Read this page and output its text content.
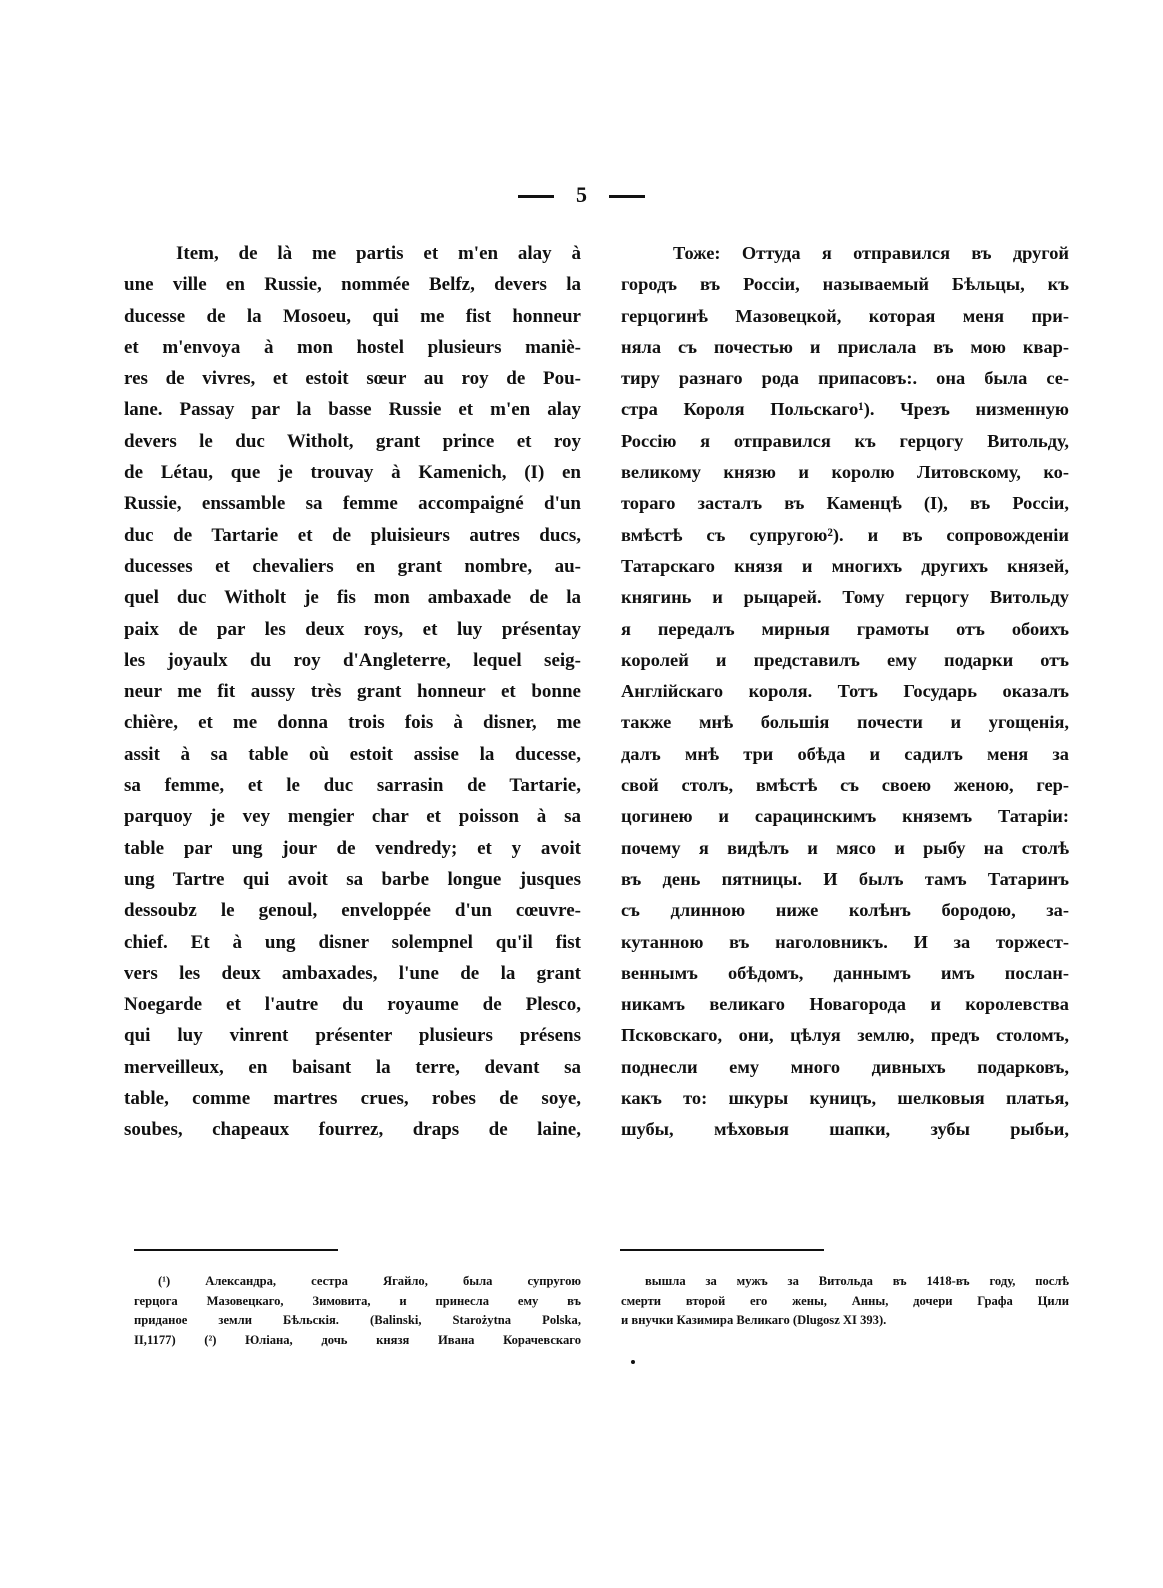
5
Item, de là me partis et m'en alay à
une ville en Russie, nommée Belfz, devers la
ducesse de la Mosoeu, qui me fist honneur
et m'envoya à mon hostel plusieurs maniè-
res de vivres, et estoit sœur au roy de Pou-
lane. Passay par la basse Russie et m'en alay
devers le duc Witholt, grant prince et roy
de Létau, que je trouvay à Kamenich, (I) en
Russie, enssamble sa femme accompaigné d'un
duc de Tartarie et de pluisieurs autres ducs,
ducesses et chevaliers en grant nombre, au-
quel duc Witholt je fis mon ambaxade de la
paix de par les deux roys, et luy présentay
les joyaulx du roy d'Angleterre, lequel seig-
neur me fit aussy très grant honneur et bonne
chière, et me donna trois fois à disner, me
assit à sa table où estoit assise la ducesse,
sa femme, et le duc sarrasin de Tartarie,
parquoy je vey mengier char et poisson à sa
table par ung jour de vendredy; et y avoit
ung Tartre qui avoit sa barbe longue jusques
dessoubz le genoul, enveloppée d'un cœuvre-
chief. Et à ung disner solempnel qu'il fist
vers les deux ambaxades, l'une de la grant
Noegarde et l'autre du royaume de Plesco,
qui luy vinrent présenter plusieurs présens
merveilleux, en baisant la terre, devant sa
table, comme martres crues, robes de soye,
soubes, chapeaux fourrez, draps de laine,
Тоже: Оттуда я отправился въ другой
городъ въ Россіи, называемый Бѣльцы, къ
герцогинѣ Мазовецкой, которая меня при-
няла съ почестью и прислала въ мою квар-
тиру разнаго рода припасовъ:. она была се-
стра Короля Польскаго¹). Чрезъ низменную
Россію я отправился къ герцогу Витольду,
великому князю и королю Литовскому, ко-
тораго засталъ въ Каменцѣ (I), въ Россіи,
вмѣстѣ съ супругою²). и въ сопровожденіи
Татарскаго князя и многихъ другихъ князей,
княгинь и рыцарей. Тому герцогу Витольду
я передалъ мирныя грамоты отъ обоихъ
королей и представилъ ему подарки отъ
Англійскаго короля. Тотъ Государь оказалъ
также мнѣ большія почести и угощенія,
далъ мнѣ три обѣда и садилъ меня за
свой столъ, вмѣстѣ съ своею женою, гер-
цогинею и сарацинскимъ княземъ Татаріи:
почему я видѣлъ и мясо и рыбу на столѣ
въ день пятницы. И былъ тамъ Татаринъ
съ длинною ниже колѣнъ бородою, за-
кутанною въ наголовникъ. И за торжест-
веннымъ обѣдомъ, даннымъ имъ послан-
никамъ великаго Новагорода и королевства
Псковскаго, они, цѣлуя землю, предъ столомъ,
поднесли ему много дивныхъ подарковъ,
какъ то: шкуры куницъ, шелковыя платья,
шубы, мѣховыя шапки, зубы рыбьи,
(¹) Александра, сестра Ягайло, была супругою
герцога Мазовецкаго, Зимовита, и принесла ему въ
приданое земли Бѣльскія. (Balinski, Starożytna Polska,
II,1177) (²) Юліана, дочь князя Ивана Корачевскаго
вышла за мужъ за Витольда въ 1418-въ году, послѣ
смерти второй его жены, Анны, дочери Графа Цили
и внучки Казимира Великаго (Dlugosz XI 393).
